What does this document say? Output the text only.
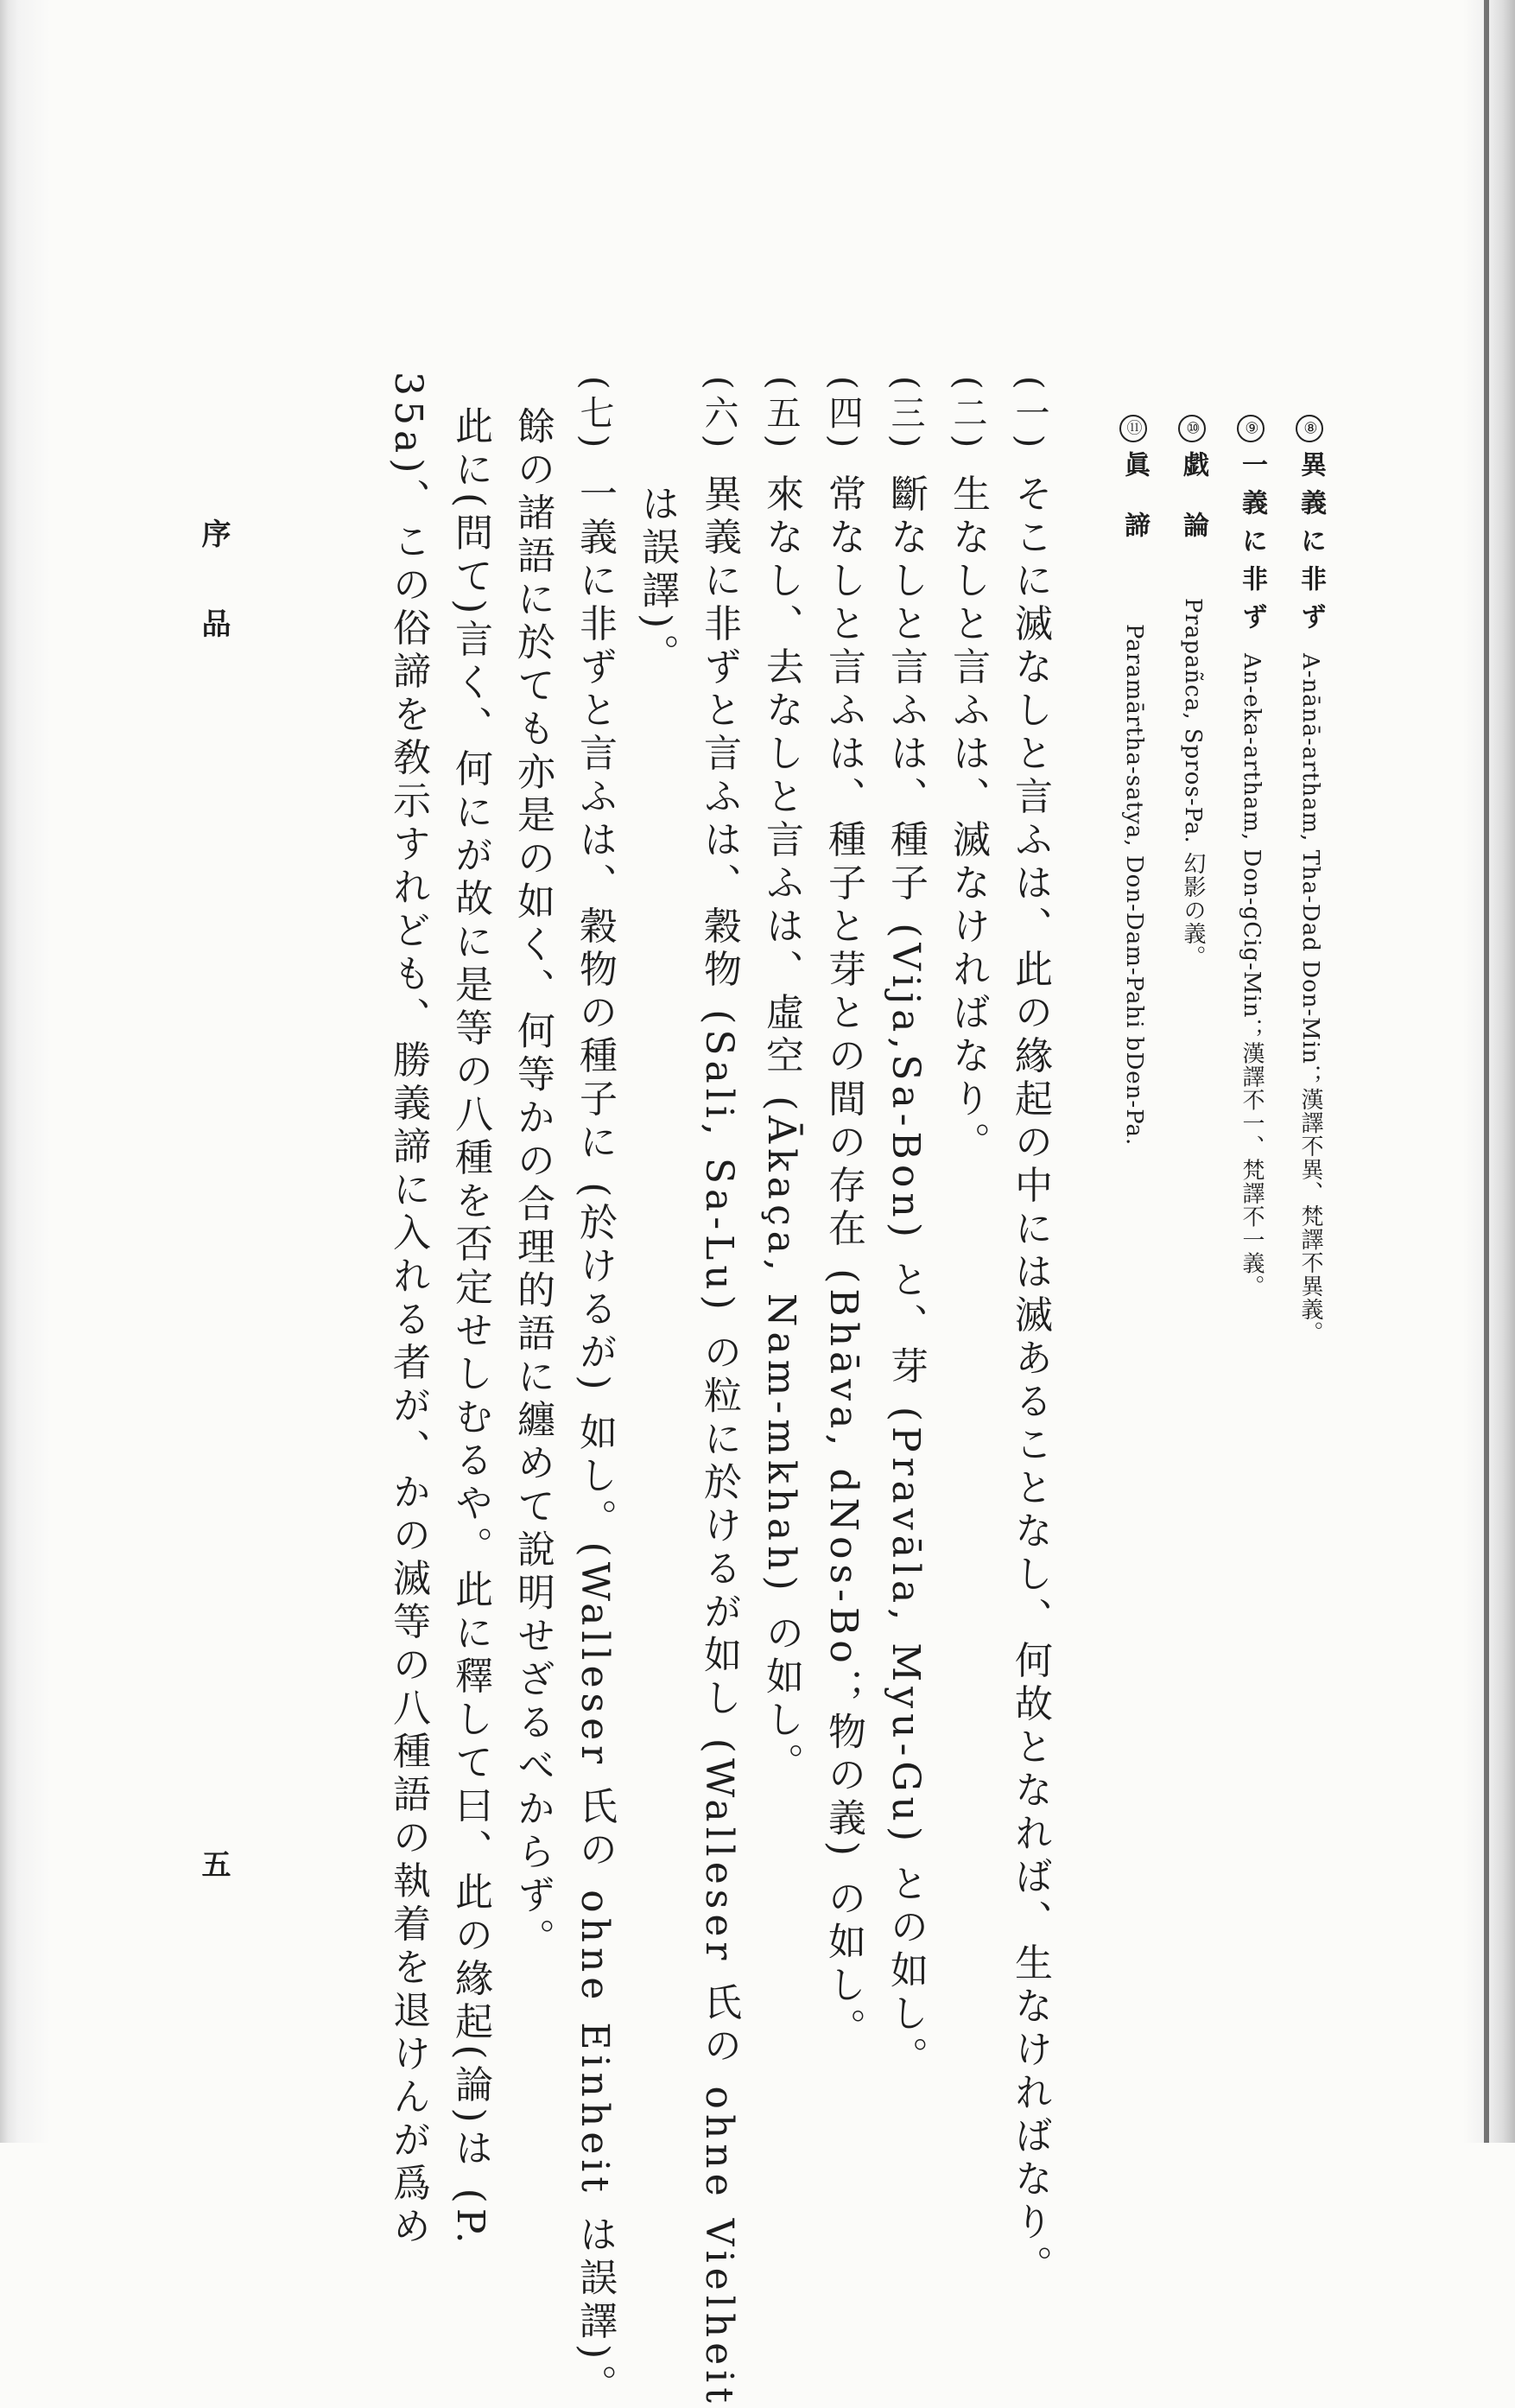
⑧異義に非ずA-nānā-artham, Tha-Dad Don-Min；漢譯不異、梵譯不異義。
⑨一義に非ずAn-eka-artham, Don-gCig-Min；漢譯不一、梵譯不一義。
⑩戯論Prapañca, Spros-Pa. 幻影の義。
⑪眞諦Paramārtha-satya, Don-Dam-Pahi bDen-Pa.
(一)そこに滅なしと言ふは、此の緣起の中には滅あることなし、何故となれば、生なければなり。
(二)生なしと言ふは、滅なければなり。
(三)斷なしと言ふは、種子 (Vija,Sa-Bon) と、芽 (Pravāla, Myu-Gu) との如し。
(四)常なしと言ふは、種子と芽との間の存在 (Bhāva, dNos-Bo；物の義) の如し。
(五)來なし、去なしと言ふは、虛空 (Ākaça, Nam-mkhah) の如し。
(六)異義に非ずと言ふは、穀物 (Sali, Sa-Lu) の粒に於けるが如し (Walleser 氏の ohne Vielheit
は誤譯)。
(七)一義に非ずと言ふは、穀物の種子に (於けるが) 如し。(Walleser 氏の ohne Einheit は誤譯)。
餘の諸語に於ても亦是の如く、何等かの合理的語に纏めて說明せざるべからず。
此に(問て)言く、何にが故に是等の八種を否定せしむるや。此に釋して曰、此の緣起(論)は (P.
35a)、この俗諦を敎示すれども、勝義諦に入れる者が、かの滅等の八種語の執着を退けんが爲め
序品
五
